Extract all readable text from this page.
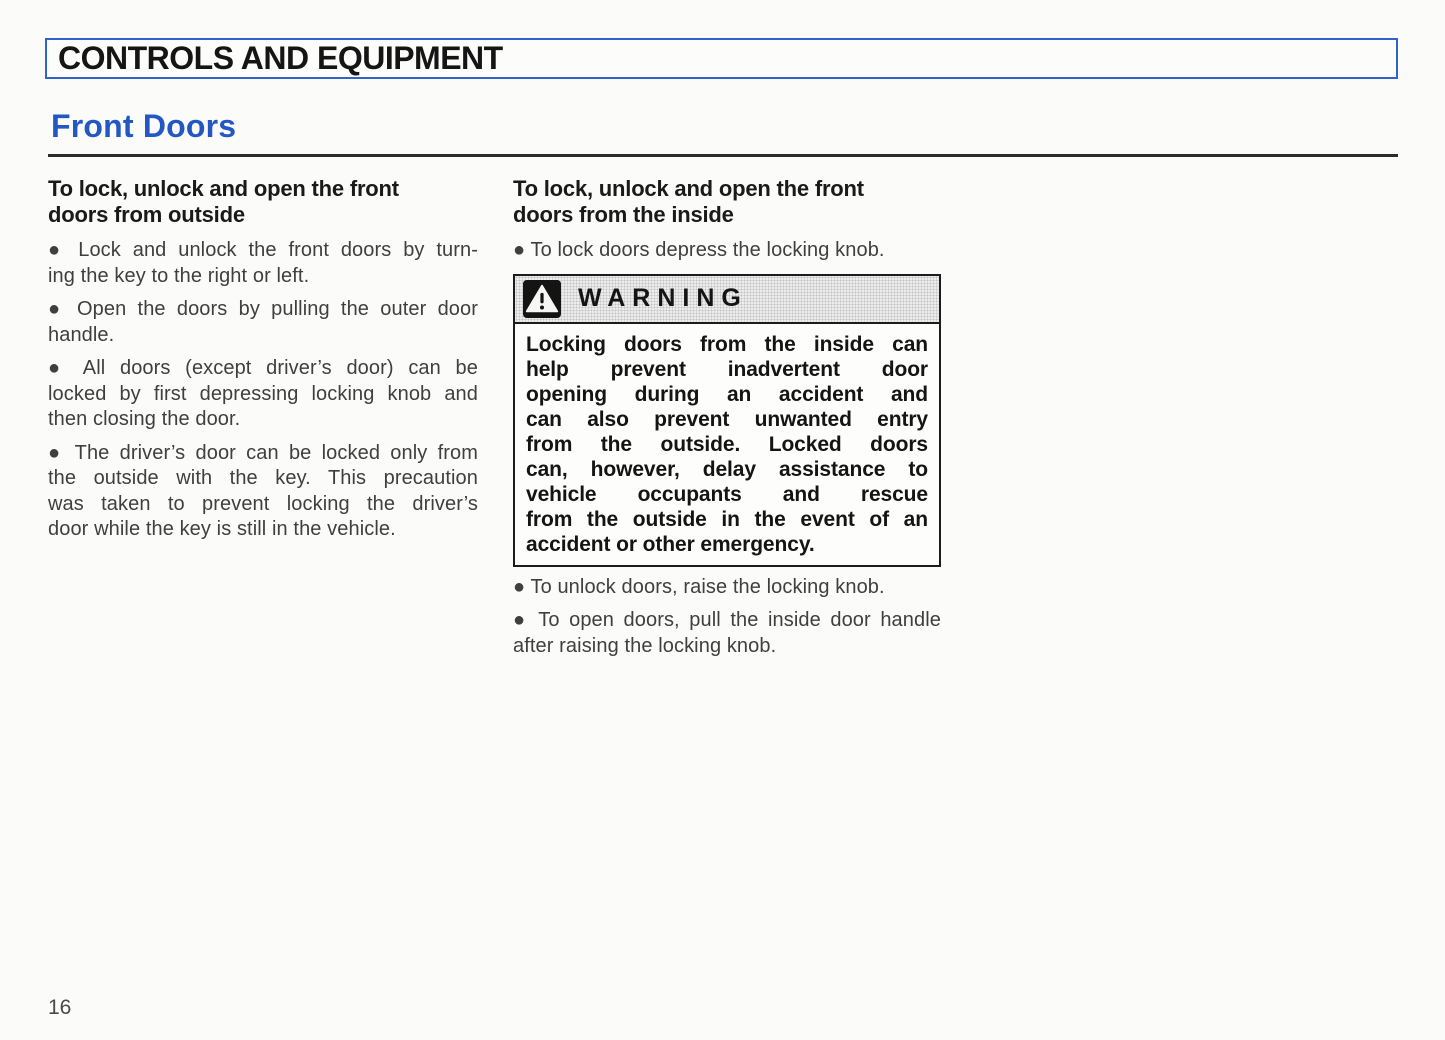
CONTROLS AND EQUIPMENT
Front Doors
To lock, unlock and open the front
doors from outside
● Lock and unlock the front doors by turn-
ing the key to the right or left.
● Open the doors by pulling the outer door
handle.
● All doors (except driver’s door) can be
locked by first depressing locking knob and
then closing the door.
● The driver’s door can be locked only from
the outside with the key. This precaution
was taken to prevent locking the driver’s
door while the key is still in the vehicle.
To lock, unlock and open the front
doors from the inside
● To lock doors depress the locking knob.
WARNING
Locking doors from the inside can
help prevent inadvertent door
opening during an accident and
can also prevent unwanted entry
from the outside. Locked doors
can, however, delay assistance to
vehicle occupants and rescue
from the outside in the event of an
accident or other emergency.
● To unlock doors, raise the locking knob.
● To open doors, pull the inside door handle
after raising the locking knob.
16
